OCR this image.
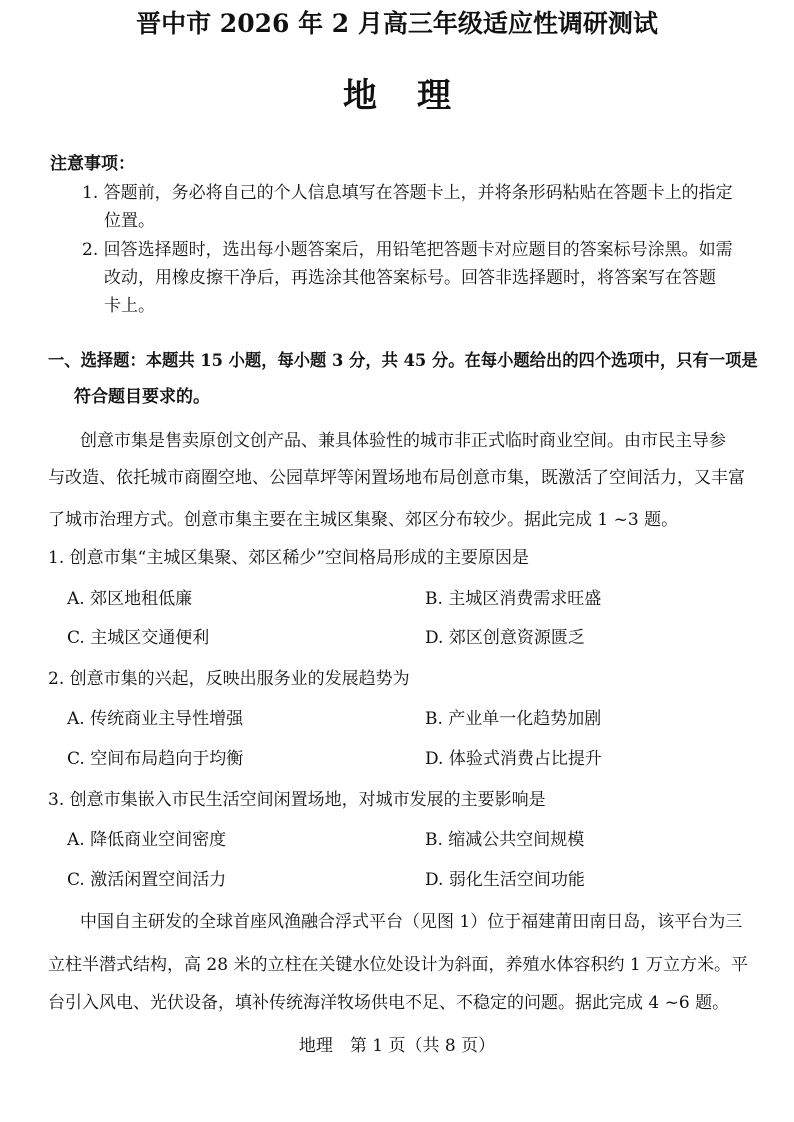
晋中市 2026 年 2 月高三年级适应性调研测试
地理
注意事项：
1. 答题前，务必将自己的个人信息填写在答题卡上，并将条形码粘贴在答题卡上的指定
位置。
2. 回答选择题时，选出每小题答案后，用铅笔把答题卡对应题目的答案标号涂黑。如需
改动，用橡皮擦干净后，再选涂其他答案标号。回答非选择题时，将答案写在答题
卡上。
一、选择题：本题共 15 小题，每小题 3 分，共 45 分。在每小题给出的四个选项中，只有一项是
符合题目要求的。
创意市集是售卖原创文创产品、兼具体验性的城市非正式临时商业空间。由市民主导参
与改造、依托城市商圈空地、公园草坪等闲置场地布局创意市集，既激活了空间活力，又丰富
了城市治理方式。创意市集主要在主城区集聚、郊区分布较少。据此完成 1 ~3 题。
1. 创意市集“主城区集聚、郊区稀少”空间格局形成的主要原因是
A. 郊区地租低廉	B. 主城区消费需求旺盛
C. 主城区交通便利	D. 郊区创意资源匮乏
2. 创意市集的兴起，反映出服务业的发展趋势为
A. 传统商业主导性增强	B. 产业单一化趋势加剧
C. 空间布局趋向于均衡	D. 体验式消费占比提升
3. 创意市集嵌入市民生活空间闲置场地，对城市发展的主要影响是
A. 降低商业空间密度	B. 缩减公共空间规模
C. 激活闲置空间活力	D. 弱化生活空间功能
中国自主研发的全球首座风渔融合浮式平台（见图 1）位于福建莆田南日岛，该平台为三
立柱半潜式结构，高 28 米的立柱在关键水位处设计为斜面，养殖水体容积约 1 万立方米。平
台引入风电、光伏设备，填补传统海洋牧场供电不足、不稳定的问题。据此完成 4 ~6 题。
地理　第 1 页（共 8 页）
